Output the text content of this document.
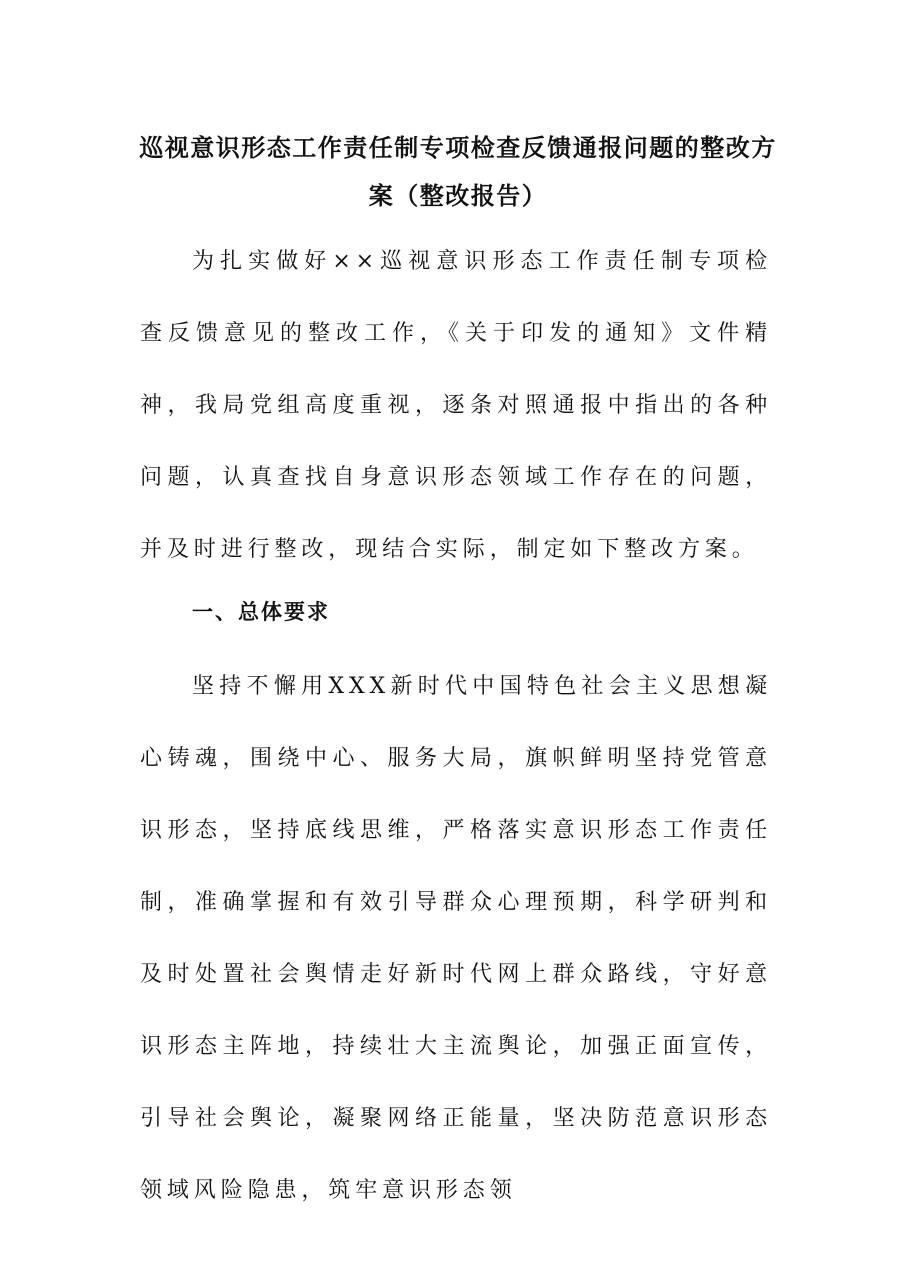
巡视意识形态工作责任制专项检查反馈通报问题的整改方案（整改报告）

为扎实做好××巡视意识形态工作责任制专项检查反馈意见的整改工作，《关于印发的通知》文件精神，我局党组高度重视，逐条对照通报中指出的各种问题，认真查找自身意识形态领域工作存在的问题，并及时进行整改，现结合实际，制定如下整改方案。

一、总体要求

坚持不懈用XXX新时代中国特色社会主义思想凝心铸魂，围绕中心、服务大局，旗帜鲜明坚持党管意识形态，坚持底线思维，严格落实意识形态工作责任制，准确掌握和有效引导群众心理预期，科学研判和及时处置社会舆情走好新时代网上群众路线，守好意识形态主阵地，持续壮大主流舆论，加强正面宣传，引导社会舆论，凝聚网络正能量，坚决防范意识形态领域风险隐患，筑牢意识形态领
